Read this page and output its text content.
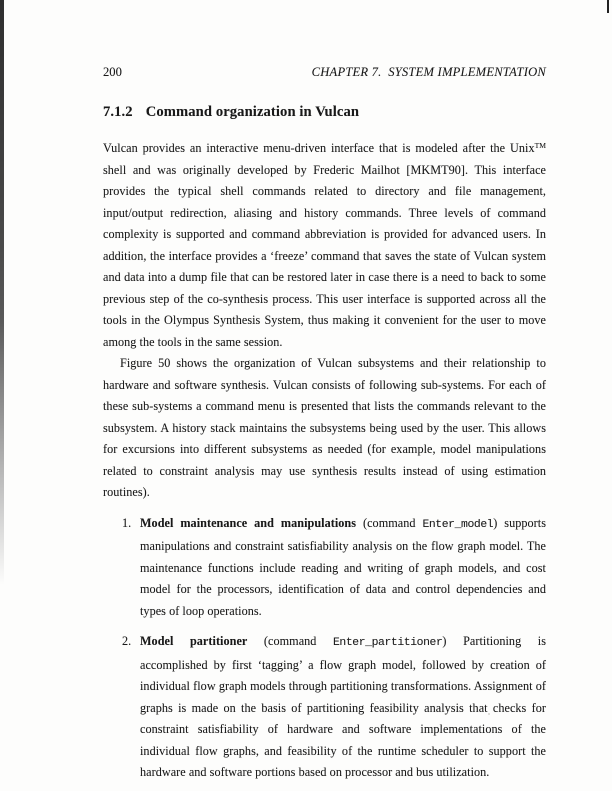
200	CHAPTER 7.  SYSTEM IMPLEMENTATION
7.1.2 Command organization in Vulcan

Vulcan provides an interactive menu-driven interface that is modeled after the Unix™ shell and was originally developed by Frederic Mailhot [MKMT90]. This interface provides the typical shell commands related to directory and file management, input/output redirection, aliasing and history commands. Three levels of command complexity is supported and command abbreviation is provided for advanced users. In addition, the interface provides a ‘freeze’ command that saves the state of Vulcan system and data into a dump file that can be restored later in case there is a need to back to some previous step of the co-synthesis process. This user interface is supported across all the tools in the Olympus Synthesis System, thus making it convenient for the user to move among the tools in the same session.

Figure 50 shows the organization of Vulcan subsystems and their relationship to hardware and software synthesis. Vulcan consists of following sub-systems. For each of these sub-systems a command menu is presented that lists the commands relevant to the subsystem. A history stack maintains the subsystems being used by the user. This allows for excursions into different subsystems as needed (for example, model manipulations related to constraint analysis may use synthesis results instead of using estimation routines).

1. Model maintenance and manipulations (command Enter_model) supports manipulations and constraint satisfiability analysis on the flow graph model. The maintenance functions include reading and writing of graph models, and cost model for the processors, identification of data and control dependencies and types of loop operations.
2. Model partitioner (command Enter_partitioner) Partitioning is accomplished by first ‘tagging’ a flow graph model, followed by creation of individual flow graph models through partitioning transformations. Assignment of graphs is made on the basis of partitioning feasibility analysis that checks for constraint satisfiability of hardware and software implementations of the individual flow graphs, and feasibility of the runtime scheduler to support the hardware and software portions based on processor and bus utilization.
